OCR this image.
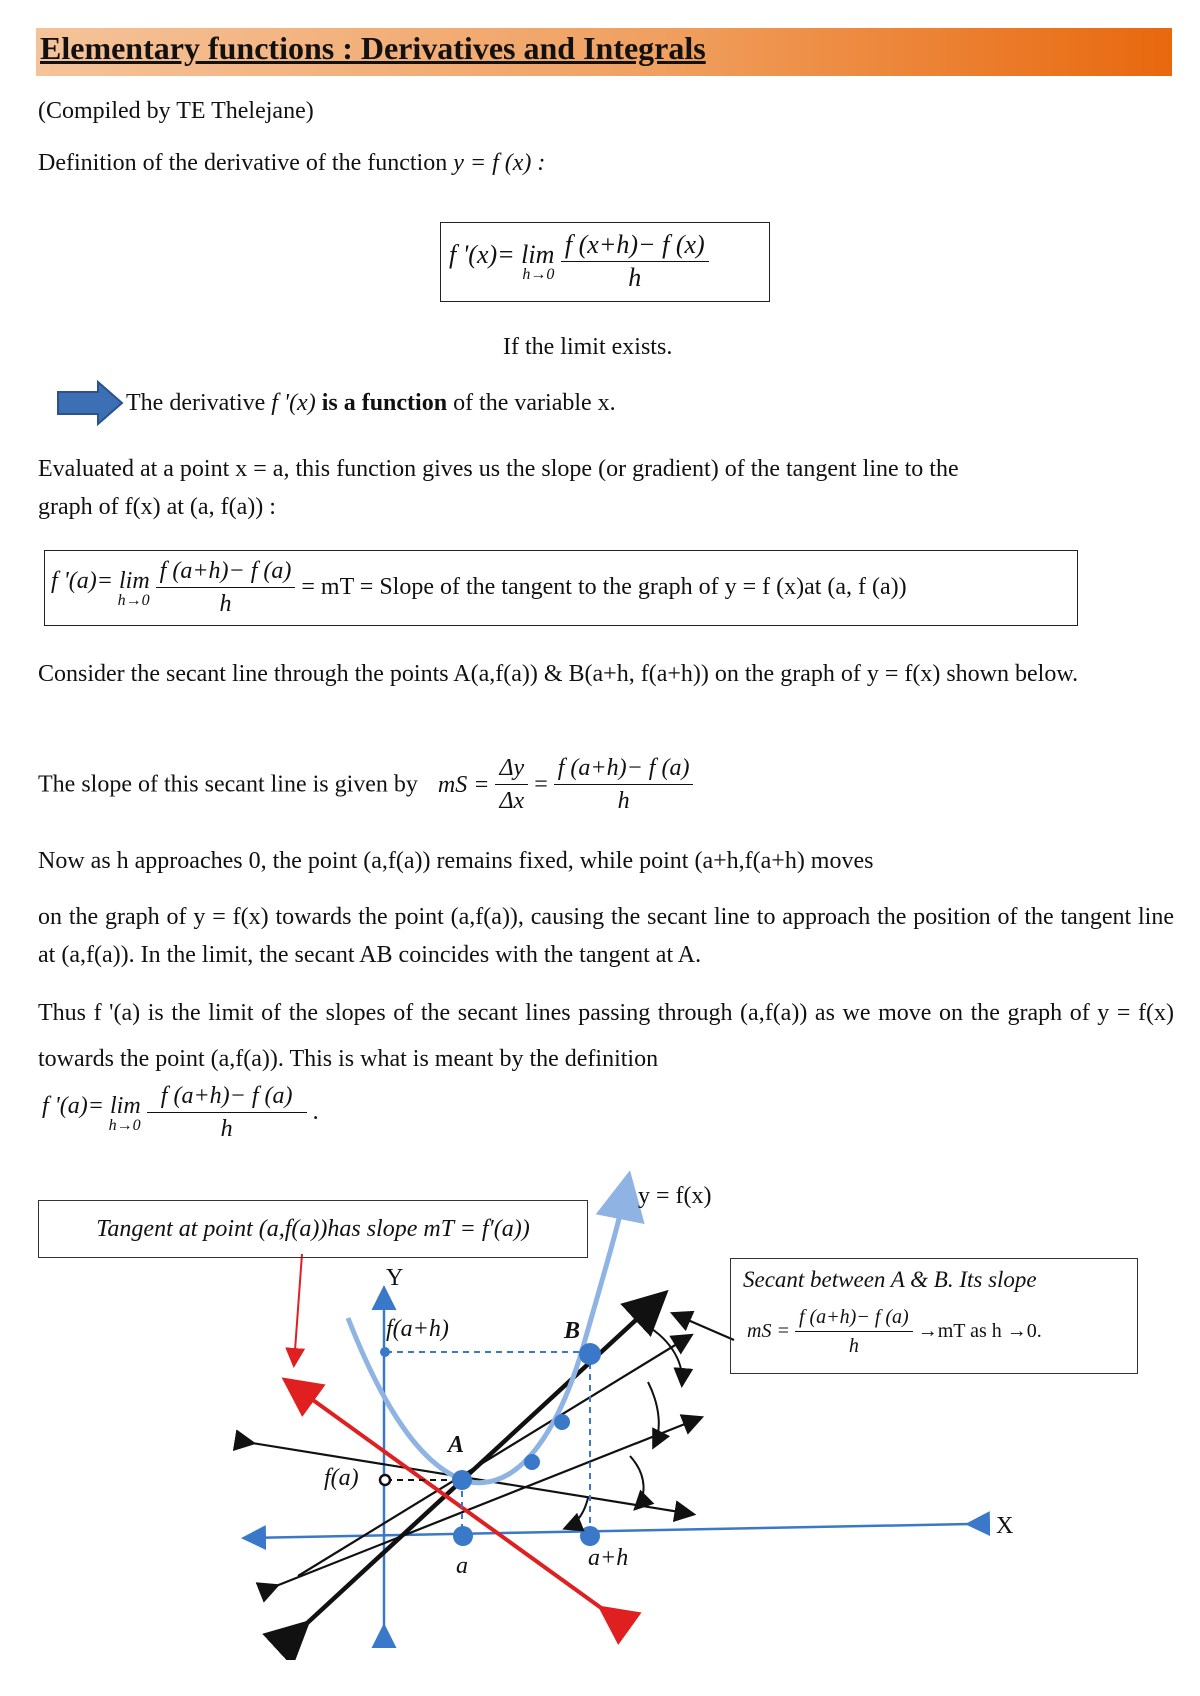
Elementary functions : Derivatives and Integrals
(Compiled by TE Thelejane)
Definition of the derivative of the function y = f (x) :
f '(x)= lim
h→0
$\frac{f (x+h)- f (x)}{h}$
If the limit exists.
The derivative f '(x) is a function of the variable x.
Evaluated at a point x = a, this function gives us the slope (or gradient) of the tangent line to the
graph of f(x) at (a, f(a)) :
f '(a)= lim
h→0
$\frac{f (a+h)- f (a)}{h}$ = mT = Slope of the tangent to the graph of y = f (x)at (a, f (a))
Consider the secant line through the points A(a,f(a)) & B(a+h, f(a+h)) on the graph of y = f(x) shown below.
The slope of this secant line is given by mS = $\frac{\Delta y}{\Delta x} = \frac{f (a+h)- f (a)}{h}$
Now as h approaches 0, the point (a,f(a)) remains fixed, while point (a+h,f(a+h) moves
on the graph of y = f(x) towards the point (a,f(a)), causing the secant line to approach the position of the tangent line at (a,f(a)). In the limit, the secant AB coincides with the tangent at A.
Thus f '(a) is the limit of the slopes of the secant lines passing through (a,f(a)) as we move on the graph of y = f(x) towards the point (a,f(a)). This is what is meant by the definition
f '(a)= lim
h→0
$\frac{f (a+h)- f (a)}{h}$ .
Tangent at point (a,f(a))has slope mT = f′(a))
Secant between A & B. Its slope
mS = $\frac{f (a+h)- f (a)}{h} \to mT$ as h →0.
y = f(x)
Y
X
f(a+h)
f(a)
A
B
a	a+h
